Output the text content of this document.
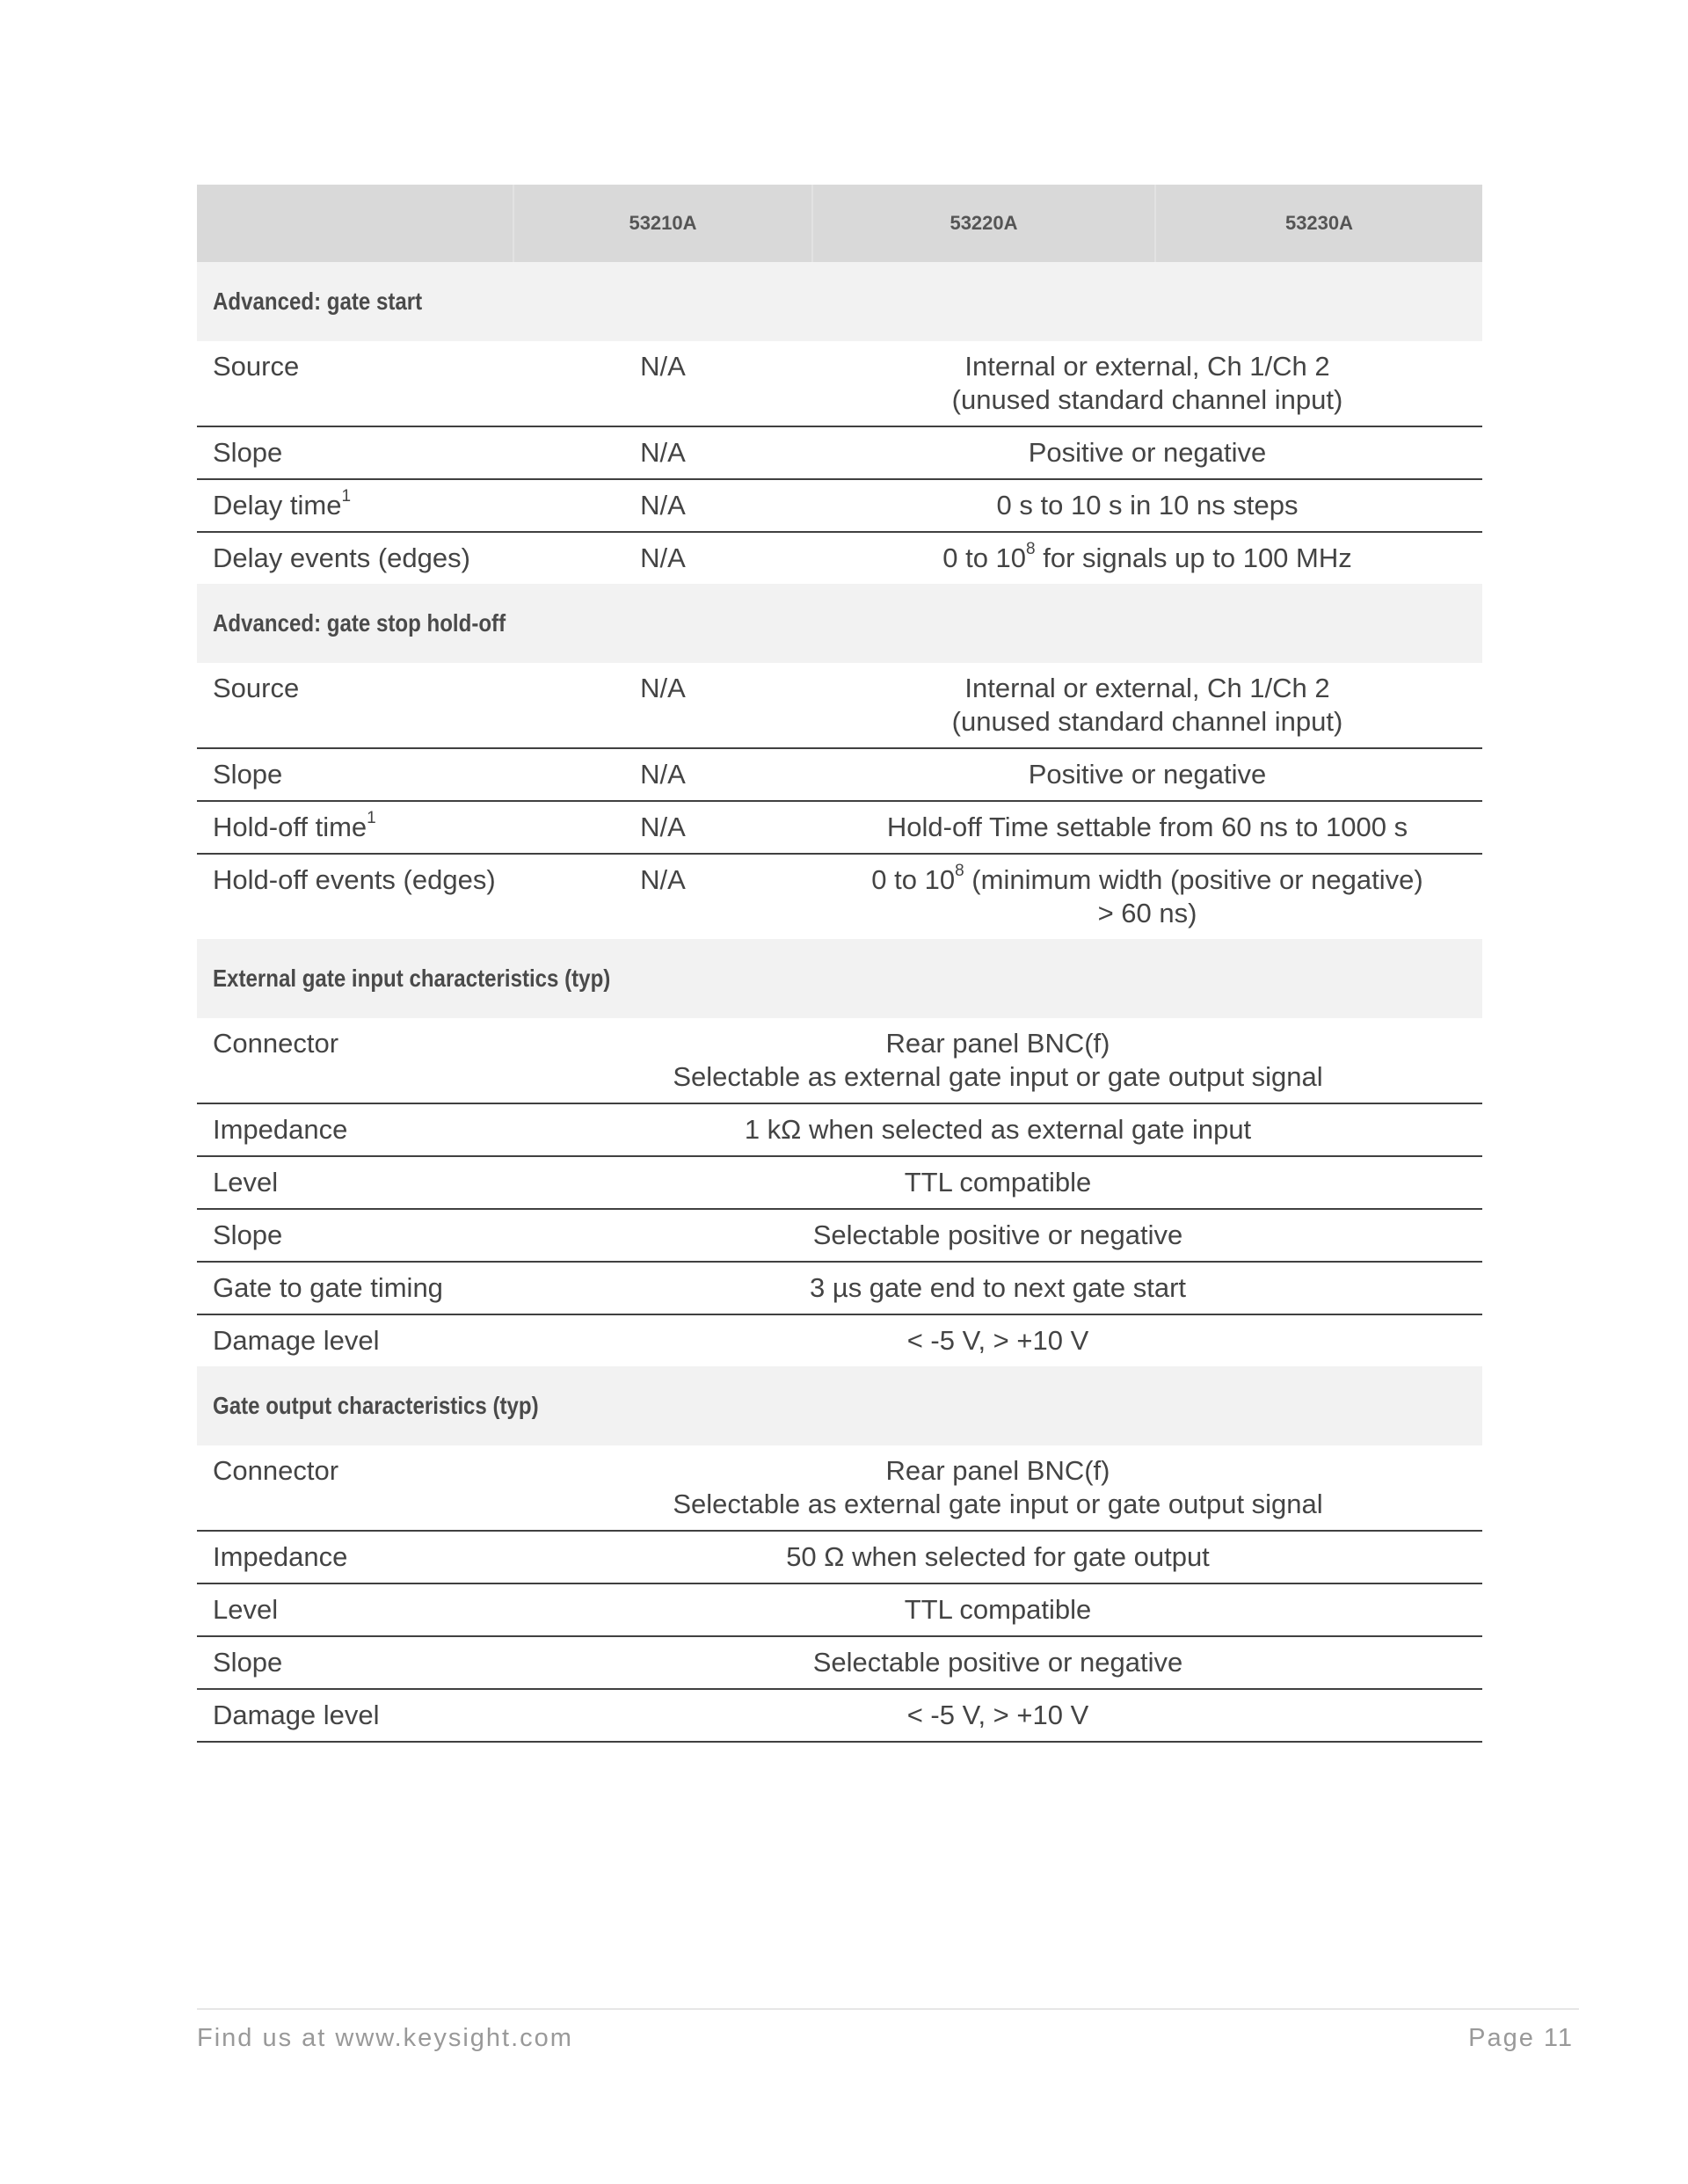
	53210A	53220A	53230A
Advanced: gate start			
Source	N/A	Internal or external, Ch 1/Ch 2
(unused standard channel input)	

Slope	N/A	Positive or negative	
Delay time$^1$	N/A	0 s to 10 s in 10 ns steps	
Delay events (edges)	N/A	0 to $10^8$ for signals up to 100 MHz	
Advanced: gate stop hold-off			
Source	N/A	Internal or external, Ch 1/Ch 2
(unused standard channel input)	

Slope	N/A	Positive or negative	
Hold-off time$^1$	N/A	Hold-off Time settable from 60 ns to 1000 s	
Hold-off events (edges)	N/A	0 to $10^8$ (minimum width (positive or negative)
> 60 ns)	

External gate input characteristics (typ)			
Connector	Rear panel BNC(f)
Selectable as external gate input or gate output signal		

Impedance	1 kΩ when selected as external gate input		
Level	TTL compatible		
Slope	Selectable positive or negative		
Gate to gate timing	3 µs gate end to next gate start		
Damage level	< -5 V, > +10 V		
Gate output characteristics (typ)			
Connector	Rear panel BNC(f)
Selectable as external gate input or gate output signal		

Impedance	50 Ω when selected for gate output		
Level	TTL compatible		
Slope	Selectable positive or negative		
Damage level	< -5 V, > +10 V		
Find us at www.keysight.com	Page 11
